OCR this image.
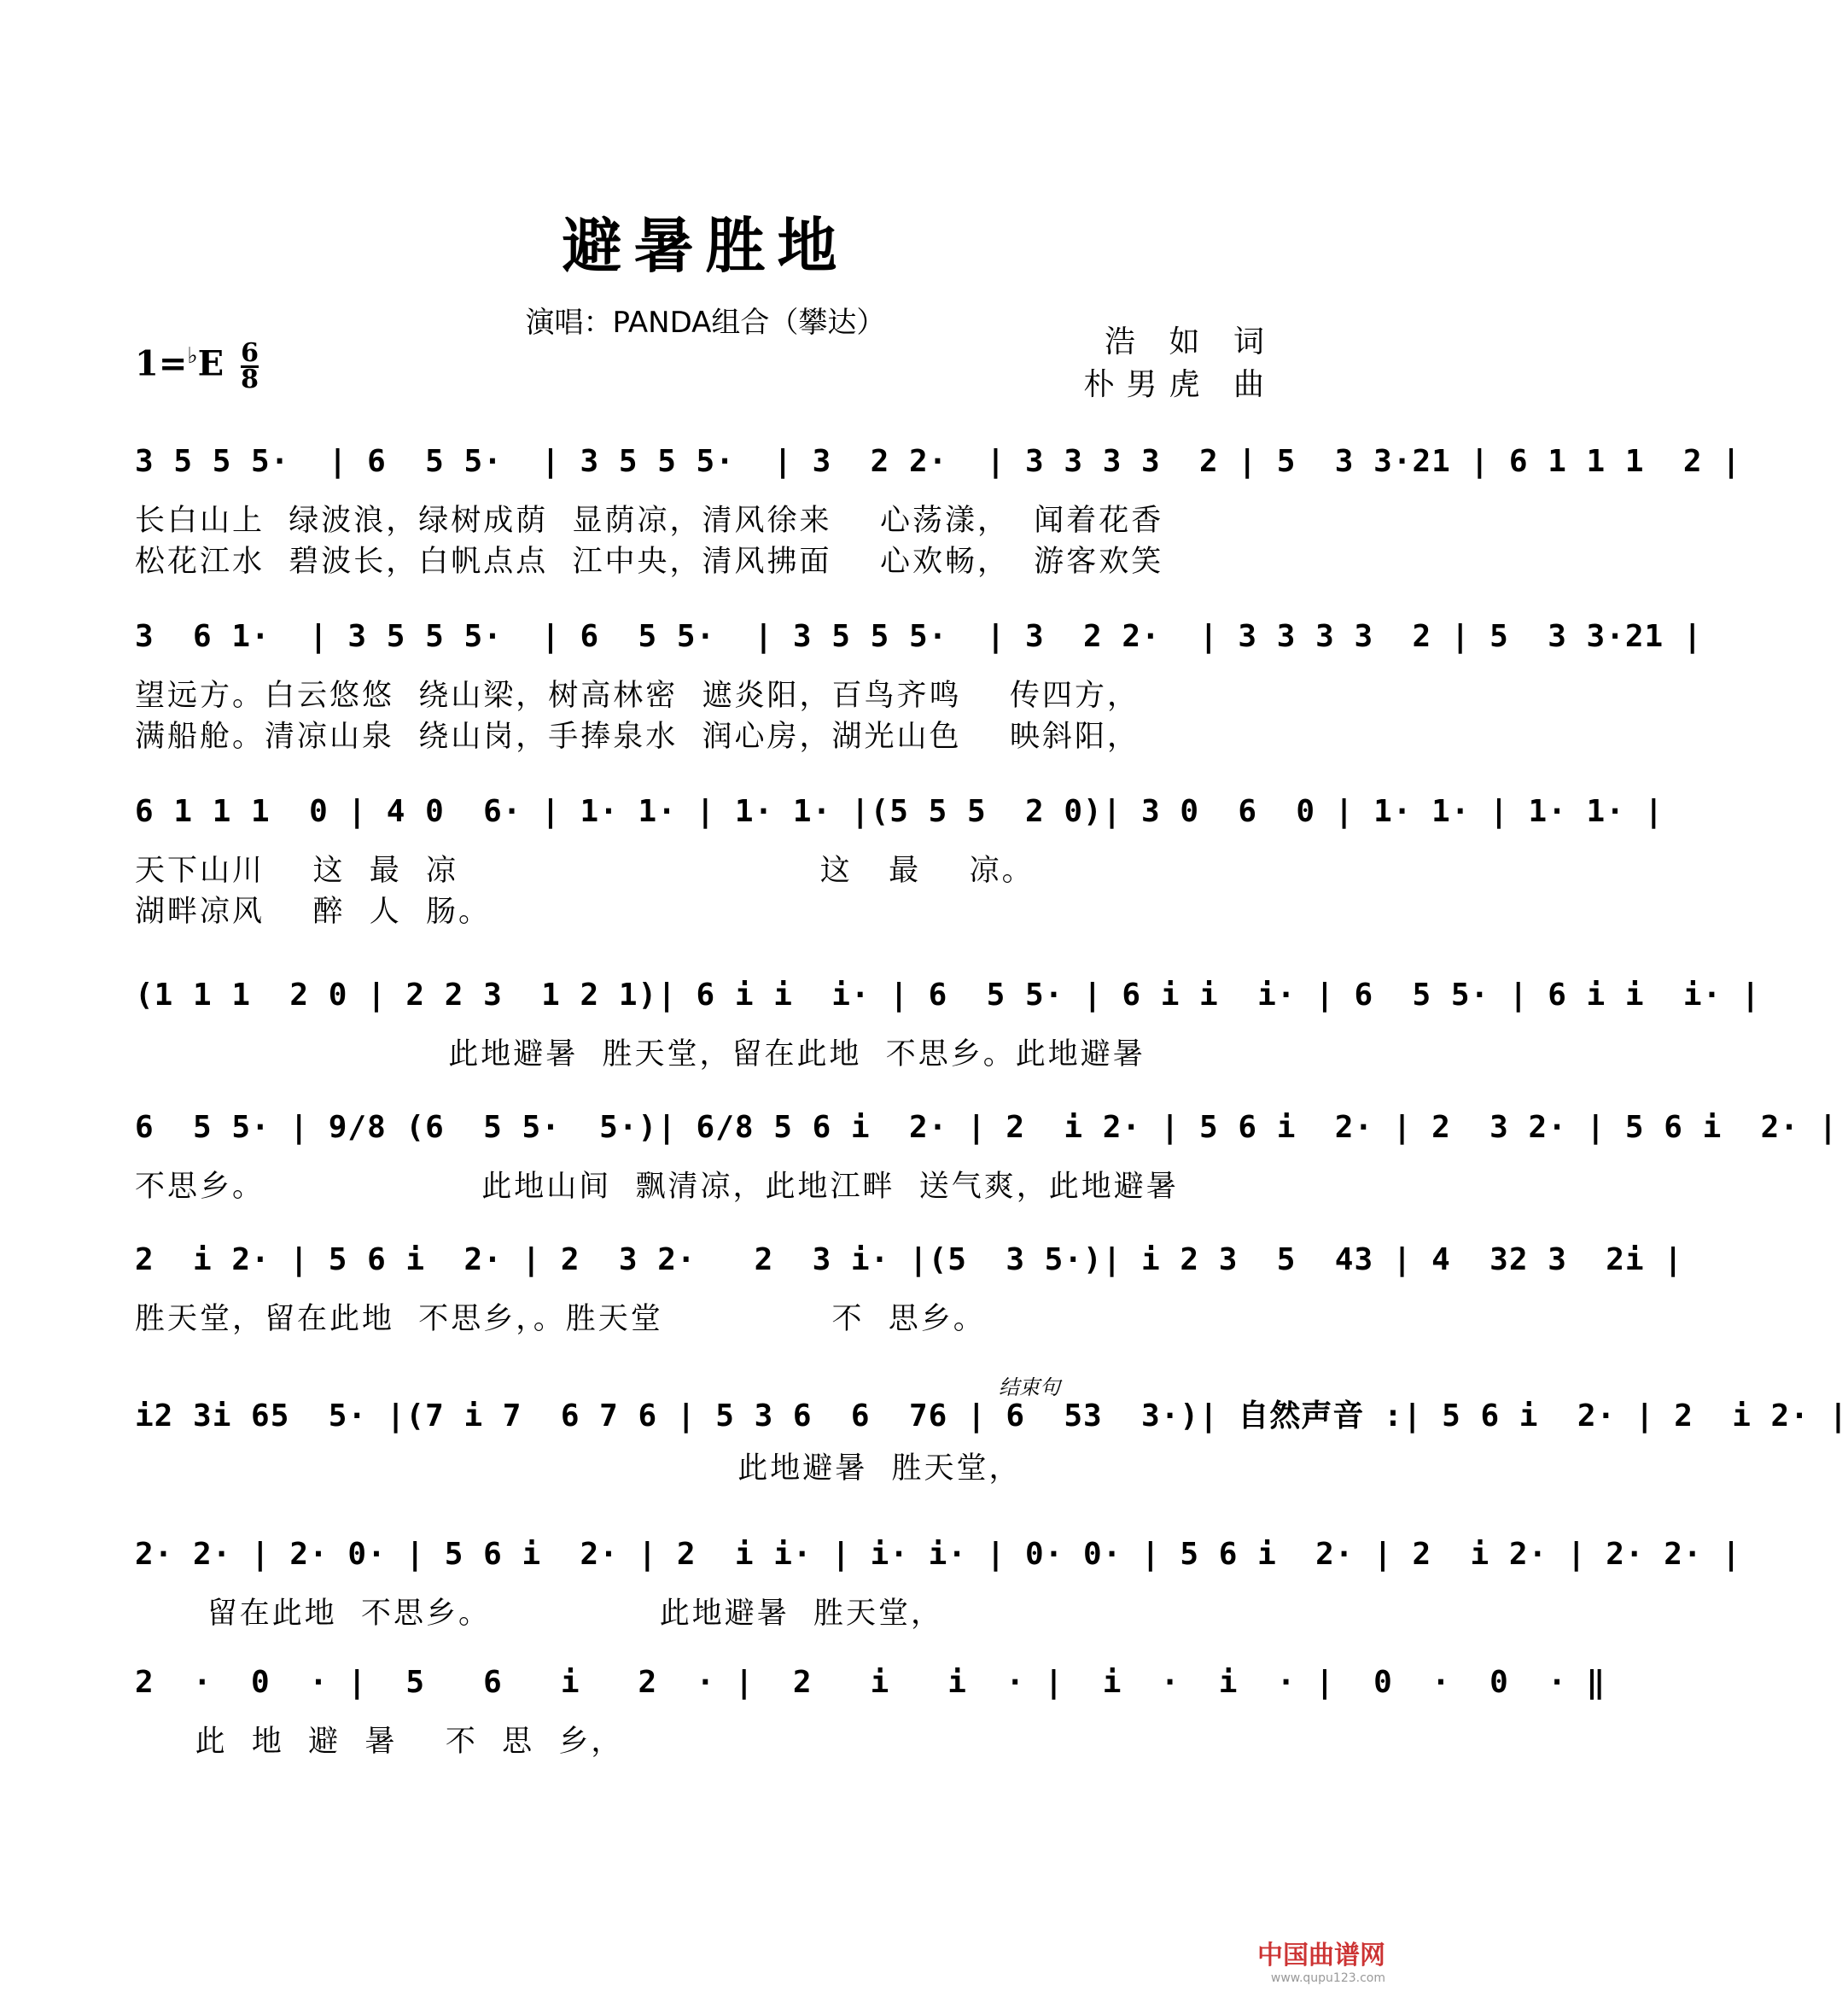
避暑胜地
演唱：PANDA组合（攀达）
浩 如 词
朴男虎 曲
$1=^♭E \frac{6}{8}$
3 5 5 5·  | 6  5 5·  | 3 5 5 5·  | 3  2 2·  | 3 3 3 3  2 | 5  3 3·21 | 6 1 1 1  2 |
长白山上  绿波浪，绿树成荫  显荫凉，清风徐来    心荡漾，  闻着花香
松花江水  碧波长，白帆点点  江中央，清风拂面    心欢畅，  游客欢笑
3  6 1·  | 3 5 5 5·  | 6  5 5·  | 3 5 5 5·  | 3  2 2·  | 3 3 3 3  2 | 5  3 3·21 |
望远方。白云悠悠  绕山梁，树高林密  遮炎阳，百鸟齐鸣    传四方，
满船舱。清凉山泉  绕山岗，手捧泉水  润心房，湖光山色    映斜阳，
6 1 1 1  0 | 4 0  6· | 1· 1· | 1· 1· |(5 5 5  2 0)| 3 0  6  0 | 1· 1· | 1· 1· |
天下山川    这  最  凉                              这   最    凉。
湖畔凉风    醉  人  肠。
(1 1 1  2 0 | 2 2 3  1 2 1)| 6 i i  i· | 6  5 5· | 6 i i  i· | 6  5 5· | 6 i i  i· |
此地避暑  胜天堂，留在此地  不思乡。此地避暑
6  5 5· | 9/8 (6  5 5·  5·)| 6/8 5 6 i  2· | 2  i 2· | 5 6 i  2· | 2  3 2· | 5 6 i  2· |
不思乡。                  此地山间  飘清凉，此地江畔  送气爽，此地避暑
2  i 2· | 5 6 i  2· | 2  3 2·   2  3 i· |(5  3 5·)| i 2 3  5  43 | 4  32 3  2i |
胜天堂，留在此地  不思乡，。胜天堂              不  思乡。
i2 3i 65  5· |(7 i 7  6 7 6 | 5 3 6  6  76 | 6  53  3·)| 自然声音 :| 5 6 i  2· | 2  i 2· |
此地避暑  胜天堂，
2· 2· | 2· 0· | 5 6 i  2· | 2  i i· | i· i· | 0· 0· | 5 6 i  2· | 2  i 2· | 2· 2· |
留在此地  不思乡。              此地避暑  胜天堂，
2  ·  0  · |  5   6   i   2  · |  2   i   i  · |  i  ·  i  · |  0  ·  0  · ‖
此  地  避  暑    不  思  乡，
结束句
中国曲谱网
www.qupu123.com
